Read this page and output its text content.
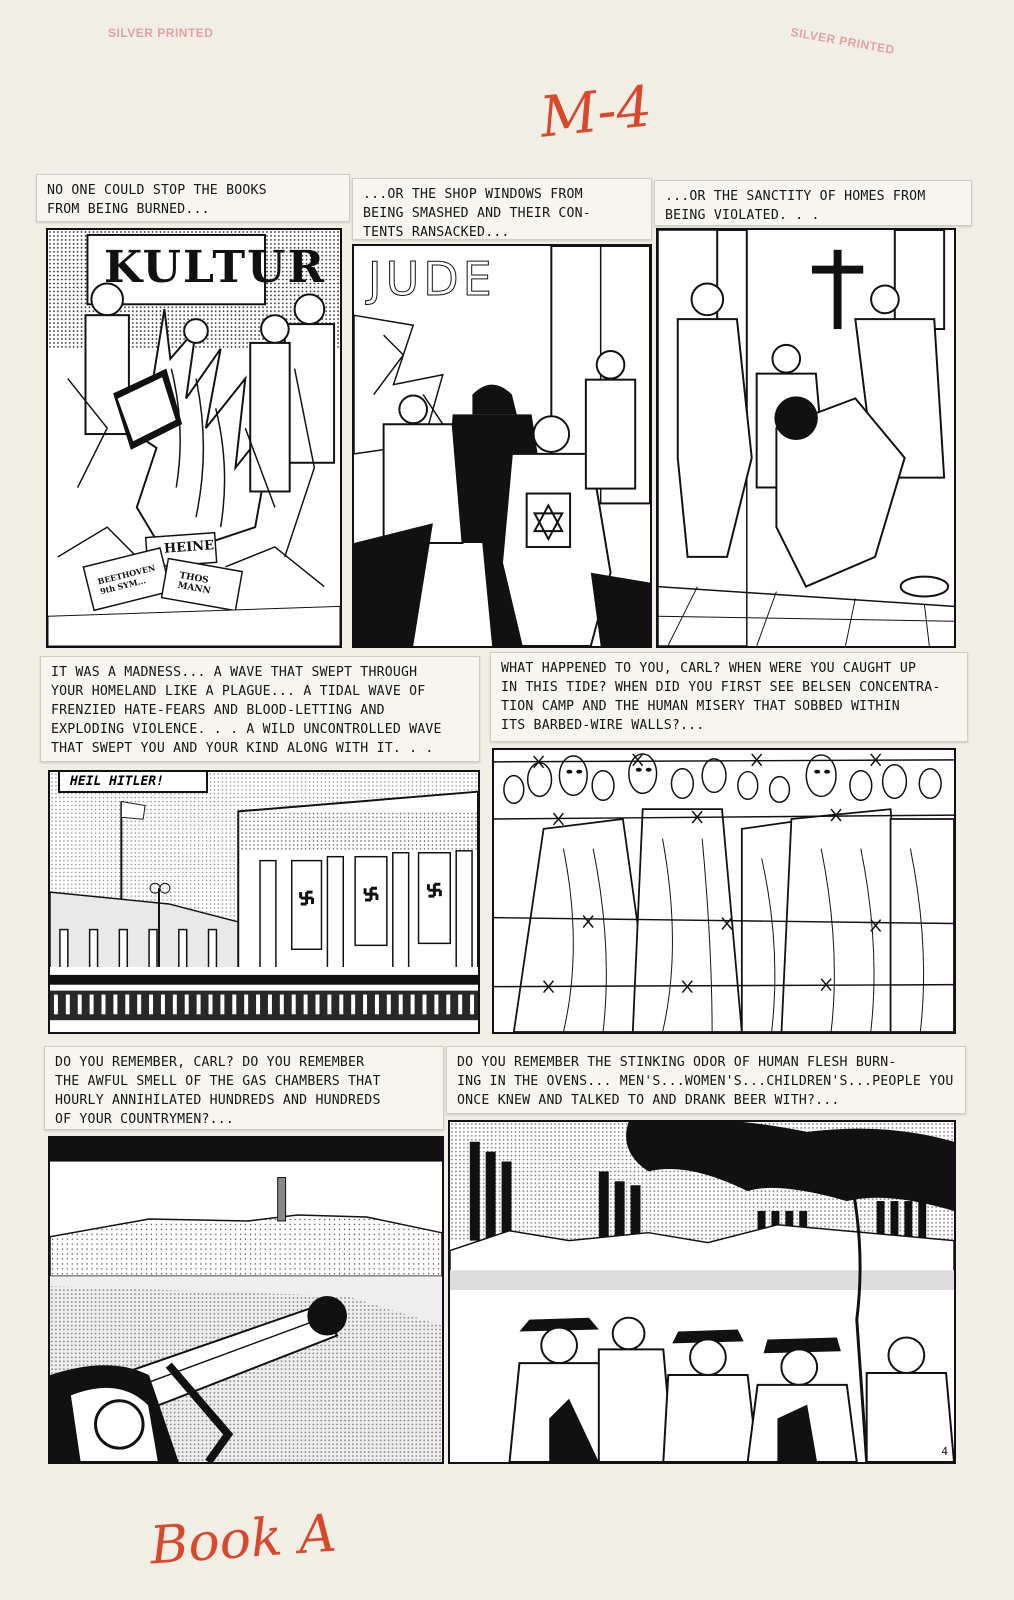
SILVER PRINTED	SILVER PRINTED
M-4
NO ONE COULD STOP THE BOOKS
FROM BEING BURNED...
...OR THE SHOP WINDOWS FROM
BEING SMASHED AND THEIR CON-
TENTS RANSACKED...
...OR THE SANCTITY OF HOMES FROM
BEING VIOLATED. . .
KULTUR
HEINE
BEETHOVEN 9th SYM...	THOS MANN
JUDE
IT WAS A MADNESS... A WAVE THAT SWEPT THROUGH
YOUR HOMELAND LIKE A PLAGUE... A TIDAL WAVE OF
FRENZIED HATE-FEARS AND BLOOD-LETTING AND
EXPLODING VIOLENCE. . . A WILD UNCONTROLLED WAVE
THAT SWEPT YOU AND YOUR KIND ALONG WITH IT. . .
WHAT HAPPENED TO YOU, CARL? WHEN WERE YOU CAUGHT UP
IN THIS TIDE? WHEN DID YOU FIRST SEE BELSEN CONCENTRA-
TION CAMP AND THE HUMAN MISERY THAT SOBBED WITHIN
ITS BARBED-WIRE WALLS?...
HEIL HITLER!
DO YOU REMEMBER, CARL? DO YOU REMEMBER
THE AWFUL SMELL OF THE GAS CHAMBERS THAT
HOURLY ANNIHILATED HUNDREDS AND HUNDREDS
OF YOUR COUNTRYMEN?...
DO YOU REMEMBER THE STINKING ODOR OF HUMAN FLESH BURN-
ING IN THE OVENS... MEN'S...WOMEN'S...CHILDREN'S...PEOPLE YOU
ONCE KNEW AND TALKED TO AND DRANK BEER WITH?...
4
Book A
